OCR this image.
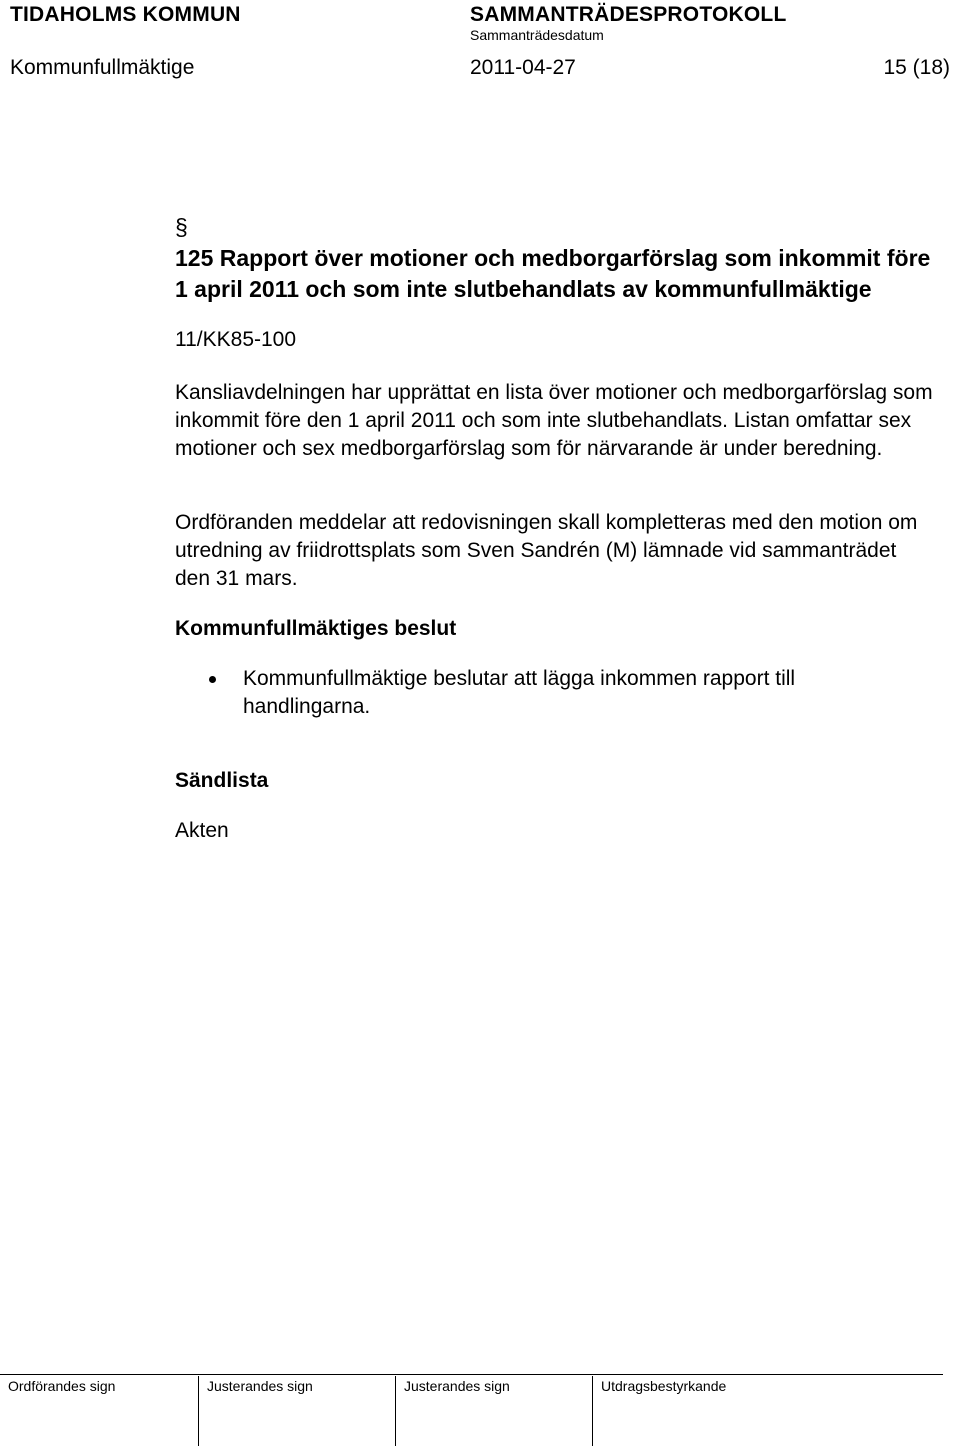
TIDAHOLMS KOMMUN	SAMMANTRÄDESPROTOKOLL
Sammanträdesdatum
Kommunfullmäktige	2011-04-27	15 (18)
§
125 Rapport över motioner och medborgarförslag som inkommit före 1 april 2011 och som inte slutbehandlats av kommunfullmäktige
11/KK85-100
Kansliavdelningen har upprättat en lista över motioner och medborgarförslag som inkommit före den 1 april 2011 och som inte slutbehandlats. Listan omfattar sex motioner och sex medborgarförslag som för närvarande är under beredning.
Ordföranden meddelar att redovisningen skall kompletteras med den motion om utredning av friidrottsplats som Sven Sandrén (M) lämnade vid sammanträdet den 31 mars.
Kommunfullmäktiges beslut
Kommunfullmäktige beslutar att lägga inkommen rapport till handlingarna.
Sändlista
Akten
Ordförandes sign	Justerandes sign	Justerandes sign	Utdragsbestyrkande
